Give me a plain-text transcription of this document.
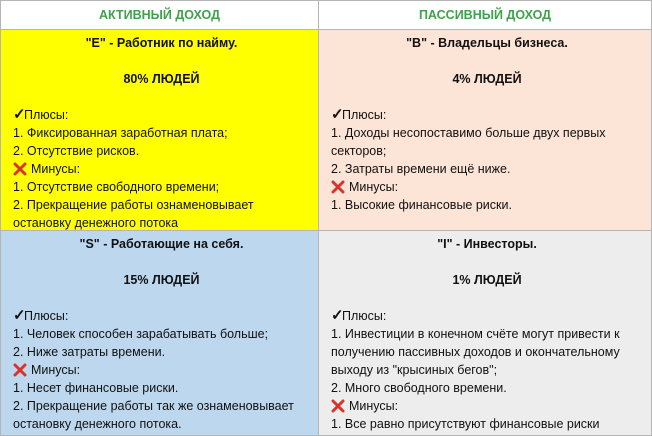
АКТИВНЫЙ ДОХОД	ПАССИВНЫЙ ДОХОД
"E" - Работник по найму.
80% ЛЮДЕЙ
✓
Плюсы:
1. Фиксированная заработная плата;
2. Отсутствие рисков.
Минусы:
1. Отсутствие свободного времени;
2. Прекращение работы ознаменовывает остановку денежного потока
"B" - Владельцы бизнеса.
4% ЛЮДЕЙ
✓
Плюсы:
1. Доходы несопоставимо больше двух первых секторов;
2. Затраты времени ещё ниже.
Минусы:
1. Высокие финансовые риски.
"S" - Работающие на себя.
15% ЛЮДЕЙ
✓
Плюсы:
1. Человек способен зарабатывать больше;
2. Ниже затраты времени.
Минусы:
1. Несет финансовые риски.
2. Прекращение работы так же ознаменовывает остановку денежного потока.
"I" - Инвесторы.
1% ЛЮДЕЙ
✓
Плюсы:
1. Инвестиции в конечном счёте могут привести к получению пассивных доходов и окончательному выходу из "крысиных бегов";
2. Много свободного времени.
Минусы:
1. Все равно присутствуют финансовые риски
